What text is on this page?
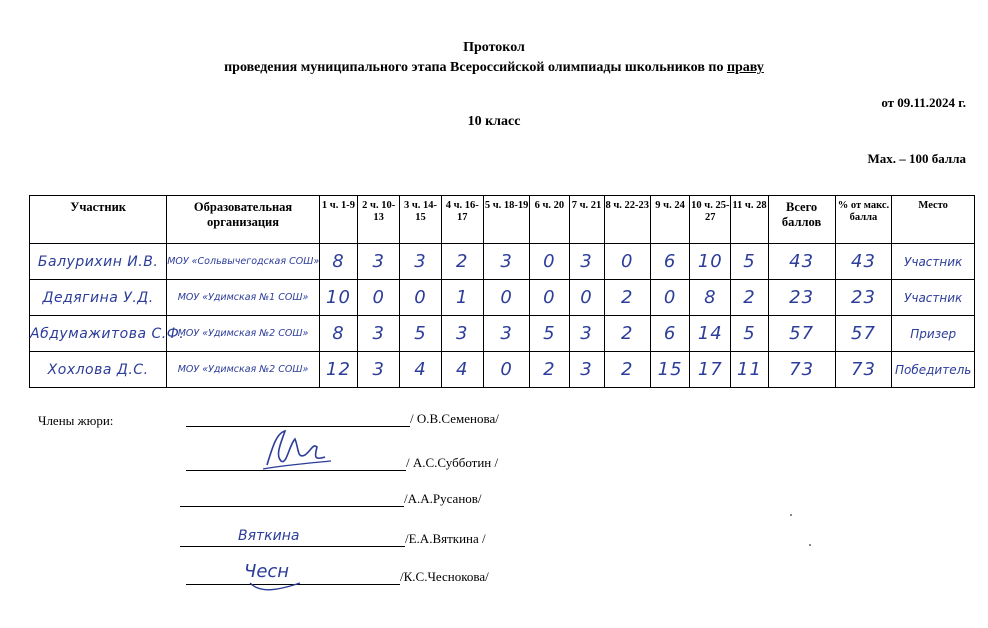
Протокол
проведения муниципального этапа Всероссийской олимпиады школьников по праву
от 09.11.2024 г.
10 класс
Max. – 100 балла
Участник	Образовательная организация	1 ч. 1-9	2 ч. 10-13	3 ч. 14-15	4 ч. 16-17	5 ч. 18-19	6 ч. 20	7 ч. 21	8 ч. 22-23	9 ч. 24	10 ч. 25-27	11 ч. 28	Всего баллов	% от макс. балла	Место
Балурихин И.В.	МОУ «Сольвычегодская СОШ»	8	3	3	2	3	0	3	0	6	10	5	43	43	Участник
Дедягина У.Д.	МОУ «Удимская №1 СОШ»	10	0	0	1	0	0	0	2	0	8	2	23	23	Участник
Абдумажитова С.Ф.	МОУ «Удимская №2 СОШ»	8	3	5	3	3	5	3	2	6	14	5	57	57	Призер
Хохлова Д.С.	МОУ «Удимская №2 СОШ»	12	3	4	4	0	2	3	2	15	17	11	73	73	Победитель
Члены жюри:	/ О.В.Семенова/
/ А.С.Субботин /
/А.А.Русанов/
/Е.А.Вяткина /
/К.С.Чеснокова/
Вяткина
Чесн
